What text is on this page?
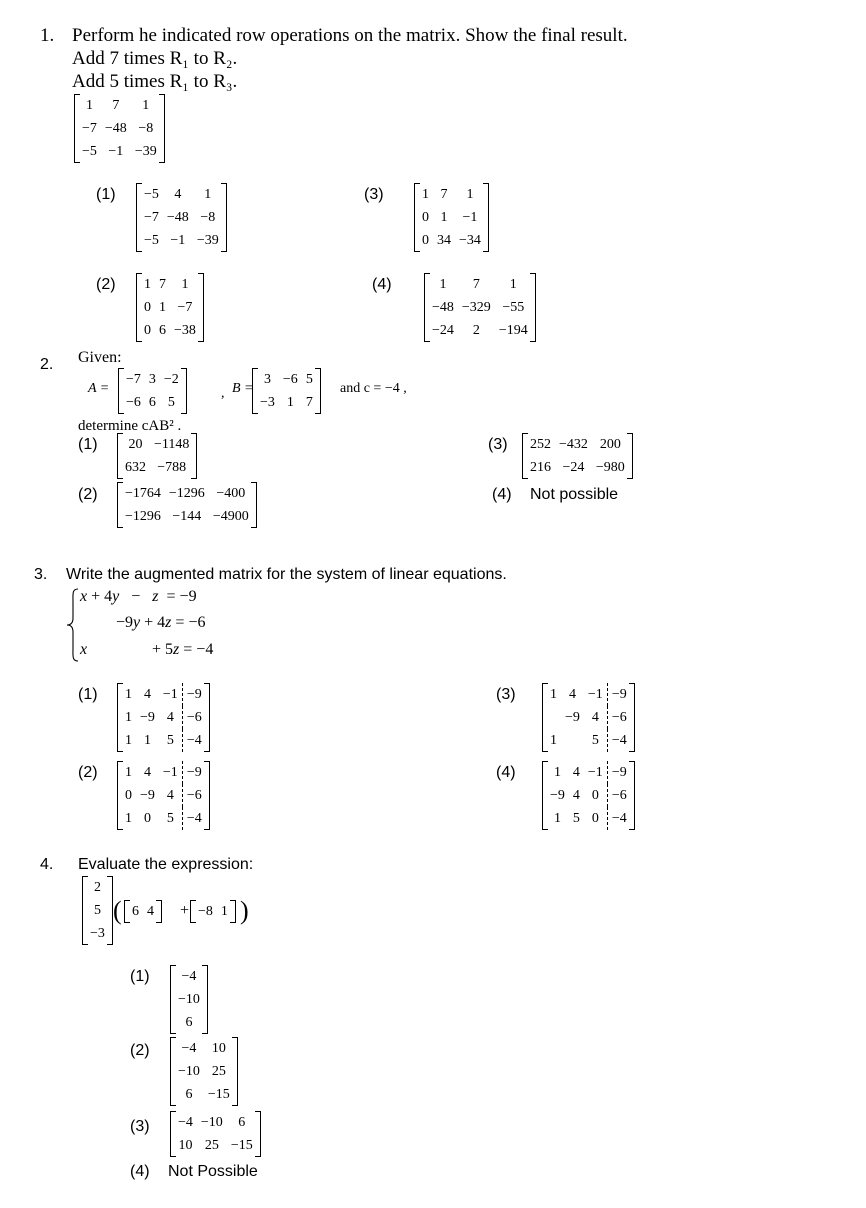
1. Perform he indicated row operations on the matrix. Show the final result.
Add 7 times R₁ to R₂.
Add 5 times R₁ to R₃.
1	7	1
−7	−48	−8
−5	−1	−39
(1) −5	4	1
−7	−48	−8
−5	−1	−39
(2) 1	7	1
0	1	−7
0	6	−38
(3)	1	7	1
0	1	−1
0	34	−34
(4)	1	7	1
−48	−329	−55
−24	2	−194
2. Given:
A =
−7	3	−2
−6	6	5
, B =
3	−6	5
−3	1	7
and c = −4 ,
determine cAB² .
(1) 20	−1148
632	−788
(2) −1764	−1296	−400
−1296	−144	−4900
(3) 252	−432	200
216	−24	−980
(4) Not possible
3. Write the augmented matrix for the system of linear equations.
x + 4y − z = −9
−9y + 4z = −6
x	+ 5z = −4
(1) 1	4	−1	−9
1	−9	4	−6
1	1	5	−4
(2) 1	4	−1	−9
0	−9	4	−6
1	0	5	−4
(3) 1	4	−1	−9
	−9	4	−6
1		5	−4
(4)	1	4	−1	−9
−9	4	0	−6
1	5	0	−4
4. Evaluate the expression:
2
5
−3
( 6	4 + −8	1 )
(1) −4
−10
6
(2) −4	10
−10	25
6	−15
(3) −4	−10	6
10	25	−15
(4) Not Possible
